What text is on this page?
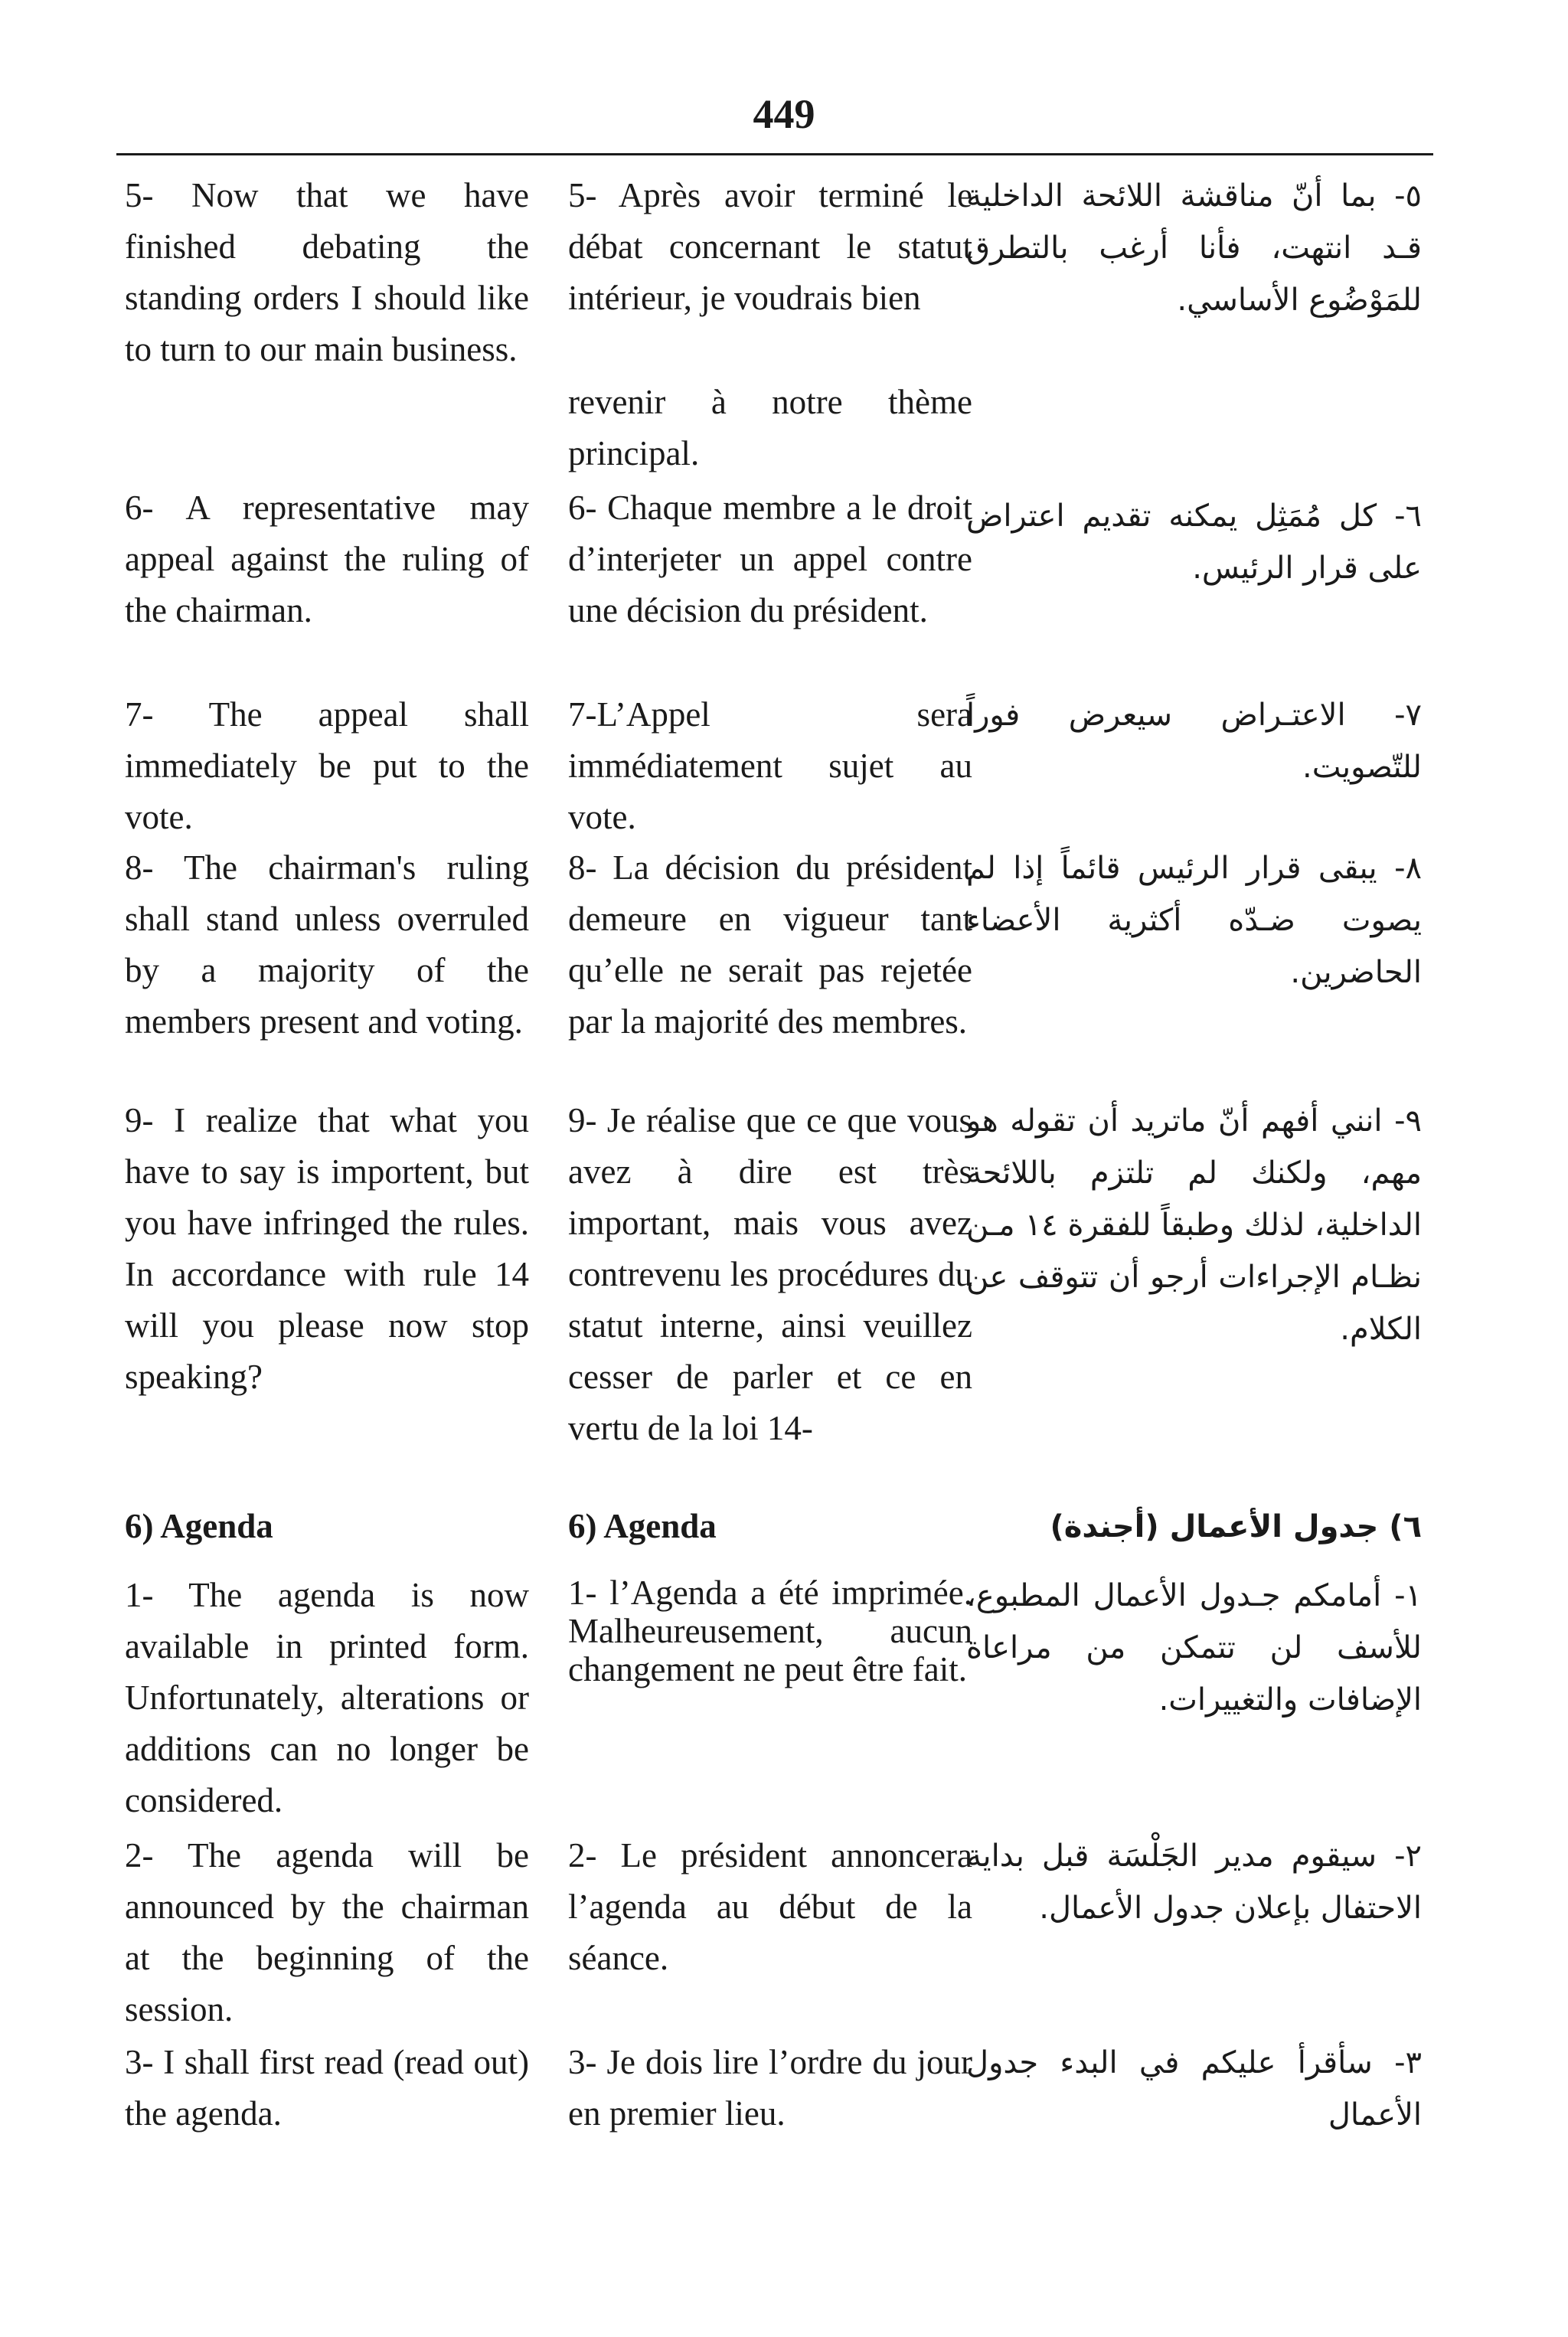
449
5- Now that we have finished debating the standing orders I should like to turn to our main business.
6- A representative may appeal against the ruling of the chairman.
7- The appeal shall immediately be put to the vote.
8- The chairman's ruling shall stand unless overruled by a majority of the members present and voting.
9- I realize that what you have to say is importent, but you have infringed the rules. In accordance with rule 14 will you please now stop speaking?
6) Agenda
1- The agenda is now available in printed form. Unfortunately, alterations or additions can no longer be considered.
2- The agenda will be announced by the chairman at the beginning of the session.
3- I shall first read (read out) the agenda.
5- Après avoir terminé le débat concernant le statut intérieur, je voudrais bien
revenir à notre thème principal.
6- Chaque membre a le droit d’interjeter un appel contre une décision du président.
7-L’Appel sera immédiatement sujet au vote.
8- La décision du président demeure en vigueur tant qu’elle ne serait pas rejetée par la majorité des membres.
9- Je réalise que ce que vous avez à dire est très important, mais vous avez contrevenu les procédures du statut interne, ainsi veuillez cesser de parler et ce en vertu de la loi 14-
6) Agenda
1- l’Agenda a été imprimée. Malheureusement, aucun changement ne peut être fait.
2- Le président annoncera l’agenda au début de la séance.
3- Je dois lire l’ordre du jour en premier lieu.
٥- بما أنّ مناقشة اللائحة الداخلية قـد انتهت، فأنا أرغب بالتطرق للمَوْضُوع الأساسي.
٦- كل مُمَثِل يمكنه تقديم اعتراض على قرار الرئيس.
٧- الاعتـراض سيعرض فوراً للتّصويت.
٨- يبقى قرار الرئيس قائماً إذا لم يصوت ضـدّه أكثرية الأعضاء الحاضرين.
٩- انني أفهم أنّ ماتريد أن تقوله هو مهم، ولكنك لم تلتزم باللائحة الداخلية، لذلك وطبقاً للفقرة ١٤ مـن نظـام الإجراءات أرجو أن تتوقف عن الكلام.
٦) جدول الأعمال (أجندة)
١- أمامكم جـدول الأعمال المطبوع، للأسف لن تتمكن من مراعاة الإضافات والتغييرات.
٢- سيقوم مدير الجَلْسَة قبل بداية الاحتفال بإعلان جدول الأعمال.
٣- سأقرأ عليكم في البدء جدول الأعمال
